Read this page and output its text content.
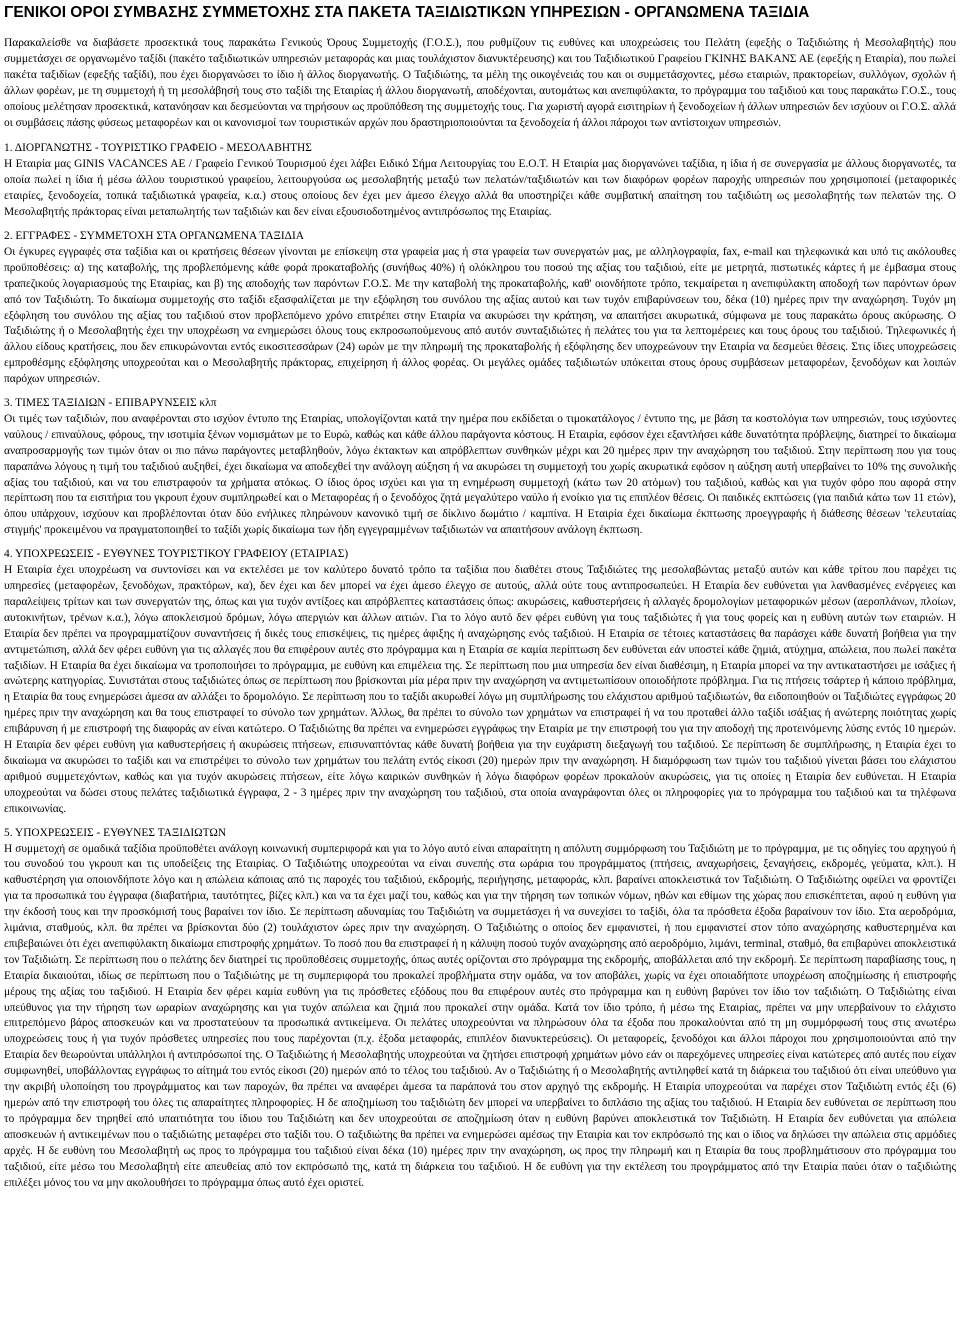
ΓΕΝΙΚΟΙ ΟΡΟΙ ΣΥΜΒΑΣΗΣ ΣΥΜΜΕΤΟΧΗΣ ΣΤΑ ΠΑΚΕΤΑ ΤΑΞΙΔΙΩΤΙΚΩΝ ΥΠΗΡΕΣΙΩΝ - ΟΡΓΑΝΩΜΕΝΑ ΤΑΞΙΔΙΑ

Παρακαλείσθε να διαβάσετε προσεκτικά τους παρακάτω Γενικούς Όρους Συμμετοχής (Γ.Ο.Σ.), που ρυθμίζουν τις ευθύνες και υποχρεώσεις του Πελάτη (εφεξής ο Ταξιδιώτης ή Μεσολαβητής) που συμμετάσχει σε οργανωμένο ταξίδι (πακέτο ταξιδιωτικών υπηρεσιών μεταφοράς και μιας τουλάχιστον διανυκτέρευσης) και του Ταξιδιωτικού Γραφείου ΓΚΙΝΗΣ ΒΑΚΑΝΣ ΑΕ (εφεξής η Εταιρία), που πωλεί πακέτα ταξιδίων (εφεξής ταξίδι), που έχει διοργανώσει το ίδιο ή άλλος διοργανωτής. Ο Ταξιδιώτης, τα μέλη της οικογένειάς του και οι συμμετάσχοντες, μέσω εταιριών, πρακτορείων, συλλόγων, σχολών ή άλλων φορέων, με τη συμμετοχή ή τη μεσολάβησή τους στο ταξίδι της Εταιρίας ή άλλου διοργανωτή, αποδέχονται, αυτομάτως και ανεπιφύλακτα, το πρόγραμμα του ταξιδιού και τους παρακάτω Γ.Ο.Σ., τους οποίους μελέτησαν προσεκτικά, κατανόησαν και δεσμεύονται να τηρήσουν ως προϋπόθεση της συμμετοχής τους. Για χωριστή αγορά εισιτηρίων ή ξενοδοχείων ή άλλων υπηρεσιών δεν ισχύουν οι Γ.Ο.Σ. αλλά οι συμβάσεις πάσης φύσεως μεταφορέων και οι κανονισμοί των τουριστικών αρχών που δραστηριοποιούνται τα ξενοδοχεία ή άλλοι πάροχοι των αντίστοιχων υπηρεσιών.

1. ΔΙΟΡΓΑΝΩΤΗΣ - ΤΟΥΡΙΣΤΙΚΟ ΓΡΑΦΕΙΟ - ΜΕΣΟΛΑΒΗΤΗΣ

Η Εταιρία μας GINIS VACANCES AE / Γραφείο Γενικού Τουρισμού έχει λάβει Ειδικό Σήμα Λειτουργίας του Ε.Ο.Τ. Η Εταιρία μας διοργανώνει ταξίδια, η ίδια ή σε συνεργασία με άλλους διοργανωτές, τα οποία πωλεί η ίδια ή μέσω άλλου τουριστικού γραφείου, λειτουργούσα ως μεσολαβητής μεταξύ των πελατών/ταξιδιωτών και των διαφόρων φορέων παροχής υπηρεσιών που χρησιμοποιεί (μεταφορικές εταιρίες, ξενοδοχεία, τοπικά ταξιδιωτικά γραφεία, κ.α.) στους οποίους δεν έχει μεν άμεσο έλεγχο αλλά θα υποστηρίζει κάθε συμβατική απαίτηση του ταξιδιώτη ως μεσολαβητής των πελατών της. Ο Μεσολαβητής πράκτορας είναι μεταπωλητής των ταξιδιών και δεν είναι εξουσιοδοτημένος αντιπρόσωπος της Εταιρίας.

2. ΕΓΓΡΑΦΕΣ - ΣΥΜΜΕΤΟΧΗ ΣΤΑ ΟΡΓΑΝΩΜΕΝΑ ΤΑΞΙΔΙΑ

Οι έγκυρες εγγραφές στα ταξίδια και οι κρατήσεις θέσεων γίνονται με επίσκεψη στα γραφεία μας ή στα γραφεία των συνεργατών μας, με αλληλογραφία, fax, e-mail και τηλεφωνικά και υπό τις ακόλουθες προϋποθέσεις: α) της καταβολής, της προβλεπόμενης κάθε φορά προκαταβολής (συνήθως 40%) ή ολόκληρου του ποσού της αξίας του ταξιδιού, είτε με μετρητά, πιστωτικές κάρτες ή με έμβασμα στους τραπεζικούς λογαριασμούς της Εταιρίας, και β) της αποδοχής των παρόντων Γ.Ο.Σ. Με την καταβολή της προκαταβολής, καθ' οιονδήποτε τρόπο, τεκμαίρεται η ανεπιφύλακτη αποδοχή των παρόντων όρων από τον Ταξιδιώτη. Το δικαίωμα συμμετοχής στο ταξίδι εξασφαλίζεται με την εξόφληση του συνόλου της αξίας αυτού και των τυχόν επιβαρύνσεων του, δέκα (10) ημέρες πριν την αναχώρηση. Τυχόν μη εξόφληση του συνόλου της αξίας του ταξιδιού στον προβλεπόμενο χρόνο επιτρέπει στην Εταιρία να ακυρώσει την κράτηση, να απαιτήσει ακυρωτικά, σύμφωνα με τους παρακάτω όρους ακύρωσης. Ο Ταξιδιώτης ή ο Μεσολαβητής έχει την υποχρέωση να ενημερώσει όλους τους εκπροσωπούμενους από αυτόν συνταξιδιώτες ή πελάτες του για τα λεπτομέρειες και τους όρους του ταξιδιού. Τηλεφωνικές ή άλλου είδους κρατήσεις, που δεν επικυρώνονται εντός εικοσιτεσσάρων (24) ωρών με την πληρωμή της προκαταβολής ή εξόφλησης δεν υποχρεώνουν την Εταιρία να δεσμεύει θέσεις. Στις ίδιες υποχρεώσεις εμπροθέσμης εξόφλησης υποχρεούται και ο Μεσολαβητής πράκτορας, επιχείρηση ή άλλος φορέας. Οι μεγάλες ομάδες ταξιδιωτών υπόκειται στους όρους συμβάσεων μεταφορέων, ξενοδόχων και λοιπών παρόχων υπηρεσιών.

3. ΤΙΜΕΣ ΤΑΞΙΔΙΩΝ - ΕΠΙΒΑΡΥΝΣΕΙΣ κλπ

Οι τιμές των ταξιδιών, που αναφέρονται στο ισχύον έντυπο της Εταιρίας, υπολογίζονται κατά την ημέρα που εκδίδεται ο τιμοκατάλογος / έντυπο της, με βάση τα κοστολόγια των υπηρεσιών, τους ισχύοντες ναύλους / επιναύλους, φόρους, την ισοτιμία ξένων νομισμάτων με το Ευρώ, καθώς και κάθε άλλου παράγοντα κόστους. Η Εταιρία, εφόσον έχει εξαντλήσει κάθε δυνατότητα πρόβλεψης, διατηρεί το δικαίωμα αναπροσαρμογής των τιμών όταν οι πιο πάνω παράγοντες μεταβληθούν, λόγω έκτακτων και απρόβλεπτων συνθηκών μέχρι και 20 ημέρες πριν την αναχώρηση του ταξιδιού. Στην περίπτωση που για τους παραπάνω λόγους η τιμή του ταξιδιού αυξηθεί, έχει δικαίωμα να αποδεχθεί την ανάλογη αύξηση ή να ακυρώσει τη συμμετοχή του χωρίς ακυρωτικά εφόσον η αύξηση αυτή υπερβαίνει το 10% της συνολικής αξίας του ταξιδιού, και να του επιστραφούν τα χρήματα ατόκως. Ο ίδιος όρος ισχύει και για τη ενημέρωση συμμετοχή (κάτω των 20 ατόμων) του ταξιδιού, καθώς και για τυχόν φόρο που αφορά στην περίπτωση που τα εισιτήρια του γκρουπ έχουν συμπληρωθεί και ο Μεταφορέας ή ο ξενοδόχος ζητά μεγαλύτερο ναύλο ή ενοίκιο για τις επιπλέον θέσεις. Οι παιδικές εκπτώσεις (για παιδιά κάτω των 11 ετών), όπου υπάρχουν, ισχύουν και προβλέπονται όταν δύο ενήλικες πληρώνουν κανονικό τιμή σε δίκλινο δωμάτιο / καμπίνα. Η Εταιρία έχει δικαίωμα έκπτωσης προεγγραφής ή διάθεσης θέσεων 'τελευταίας στιγμής' προκειμένου να πραγματοποιηθεί το ταξίδι χωρίς δικαίωμα των ήδη εγγεγραμμένων ταξιδιωτών να απαιτήσουν ανάλογη έκπτωση.

4. ΥΠΟΧΡΕΩΣΕΙΣ - ΕΥΘΥΝΕΣ ΤΟΥΡΙΣΤΙΚΟΥ ΓΡΑΦΕΙΟΥ (ΕΤΑΙΡΙΑΣ)

Η Εταιρία έχει υποχρέωση να συντονίσει και να εκτελέσει με τον καλύτερο δυνατό τρόπο τα ταξίδια που διαθέτει στους Ταξιδιώτες της μεσολαβώντας μεταξύ αυτών και κάθε τρίτου που παρέχει τις υπηρεσίες (μεταφορέων, ξενοδόχων, πρακτόρων, κα), δεν έχει και δεν μπορεί να έχει άμεσο έλεγχο σε αυτούς, αλλά ούτε τους αντιπροσωπεύει. Η Εταιρία δεν ευθύνεται για λανθασμένες ενέργειες και παραλείψεις τρίτων και των συνεργατών της, όπως και για τυχόν αντίξοες και απρόβλεπτες καταστάσεις όπως: ακυρώσεις, καθυστερήσεις ή αλλαγές δρομολογίων μεταφορικών μέσων (αεροπλάνων, πλοίων, αυτοκινήτων, τρένων κ.α.), λόγω αποκλεισμού δρόμων, λόγω απεργιών και άλλων αιτιών. Για το λόγο αυτό δεν φέρει ευθύνη για τους ταξιδιώτες ή για τους φορείς και η ευθύνη αυτών των εταιριών. Η Εταιρία δεν πρέπει να προγραμματίζουν συναντήσεις ή δικές τους επισκέψεις, τις ημέρες άφιξης ή αναχώρησης ενός ταξιδιού. Η Εταιρία σε τέτοιες καταστάσεις θα παράσχει κάθε δυνατή βοήθεια για την αντιμετώπιση, αλλά δεν φέρει ευθύνη για τις αλλαγές που θα επιφέρουν αυτές στο πρόγραμμα και η Εταιρία σε καμία περίπτωση δεν ευθύνεται εάν υποστεί κάθε ζημιά, ατύχημα, απώλεια, που πωλεί πακέτα ταξιδίων. Η Εταιρία θα έχει δικαίωμα να τροποποιήσει το πρόγραμμα, με ευθύνη και επιμέλεια της. Σε περίπτωση που μια υπηρεσία δεν είναι διαθέσιμη, η Εταιρία μπορεί να την αντικαταστήσει με ισάξιες ή ανώτερης κατηγορίας. Συνιστάται στους ταξιδιώτες όπως σε περίπτωση που βρίσκονται μία μέρα πριν την αναχώρηση να αντιμετωπίσουν οποιοδήποτε πρόβλημα. Για τις πτήσεις τσάρτερ ή κάποιο πρόβλημα, η Εταιρία θα τους ενημερώσει άμεσα αν αλλάξει το δρομολόγιο. Σε περίπτωση που το ταξίδι ακυρωθεί λόγω μη συμπλήρωσης του ελάχιστου αριθμού ταξιδιωτών, θα ειδοποιηθούν οι Ταξιδιώτες εγγράφως 20 ημέρες πριν την αναχώρηση και θα τους επιστραφεί το σύνολο των χρημάτων. Άλλως, θα πρέπει το σύνολο των χρημάτων να επιστραφεί ή να του προταθεί άλλο ταξίδι ισάξιας ή ανώτερης ποιότητας χωρίς επιβάρυνση ή με επιστροφή της διαφοράς αν είναι κατώτερο. Ο Ταξιδιώτης θα πρέπει να ενημερώσει εγγράφως την Εταιρία με την επιστροφή του για την αποδοχή της προτεινόμενης λύσης εντός 10 ημερών. Η Εταιρία δεν φέρει ευθύνη για καθυστερήσεις ή ακυρώσεις πτήσεων, επισυναπτόντας κάθε δυνατή βοήθεια για την ευχάριστη διεξαγωγή του ταξιδιού. Σε περίπτωση δε συμπλήρωσης, η Εταιρία έχει το δικαίωμα να ακυρώσει το ταξίδι και να επιστρέψει το σύνολο των χρημάτων του πελάτη εντός είκοσι (20) ημερών πριν την αναχώρηση. Η διαμόρφωση των τιμών του ταξιδιού γίνεται βάσει του ελάχιστου αριθμού συμμετεχόντων, καθώς και για τυχόν ακυρώσεις πτήσεων, είτε λόγω καιρικών συνθηκών ή λόγω διαφόρων φορέων προκαλούν ακυρώσεις, για τις οποίες η Εταιρία δεν ευθύνεται. Η Εταιρία υποχρεούται να δώσει στους πελάτες ταξιδιωτικά έγγραφα, 2 - 3 ημέρες πριν την αναχώρηση του ταξιδιού, στα οποία αναγράφονται όλες οι πληροφορίες για το πρόγραμμα του ταξιδιού και τα τηλέφωνα επικοινωνίας.

5. ΥΠΟΧΡΕΩΣΕΙΣ - ΕΥΘΥΝΕΣ ΤΑΞΙΔΙΩΤΩΝ

Η συμμετοχή σε ομαδικά ταξίδια προϋποθέτει ανάλογη κοινωνική συμπεριφορά και για το λόγο αυτό είναι απαραίτητη η απόλυτη συμμόρφωση του Ταξιδιώτη με το πρόγραμμα, με τις οδηγίες του αρχηγού ή του συνοδού του γκρουπ και τις υποδείξεις της Εταιρίας. Ο Ταξιδιώτης υποχρεούται να είναι συνεπής στα ωράρια του προγράμματος (πτήσεις, αναχωρήσεις, ξεναγήσεις, εκδρομές, γεύματα, κλπ.). Η καθυστέρηση για οποιονδήποτε λόγο και η απώλεια κάποιας από τις παροχές του ταξιδιού, εκδρομής, περιήγησης, μεταφοράς, κλπ. βαραίνει αποκλειστικά τον Ταξιδιώτη. Ο Ταξιδιώτης οφείλει να φροντίζει για τα προσωπικά του έγγραφα (διαβατήρια, ταυτότητες, βίζες κλπ.) και να τα έχει μαζί του, καθώς και για την τήρηση των τοπικών νόμων, ηθών και εθίμων της χώρας που επισκέπτεται, αφού η ευθύνη για την έκδοσή τους και την προσκόμισή τους βαραίνει τον ίδιο. Σε περίπτωση αδυναμίας του Ταξιδιώτη να συμμετάσχει ή να συνεχίσει το ταξίδι, όλα τα πρόσθετα έξοδα βαραίνουν τον ίδιο. Στα αεροδρόμια, λιμάνια, σταθμούς, κλπ. θα πρέπει να βρίσκονται δύο (2) τουλάχιστον ώρες πριν την αναχώρηση. Ο Ταξιδιώτης ο οποίος δεν εμφανιστεί, ή που εμφανιστεί στον τόπο αναχώρησης καθυστερημένα και επιβεβαιώνει ότι έχει ανεπιφύλακτη δικαίωμα επιστροφής χρημάτων. Το ποσό που θα επιστραφεί ή η κάλυψη ποσού τυχόν αναχώρησης από αεροδρόμιο, λιμάνι, terminal, σταθμό, θα επιβαρύνει αποκλειστικά τον Ταξιδιώτη. Σε περίπτωση που ο πελάτης δεν διατηρεί τις προϋποθέσεις συμμετοχής, όπως αυτές ορίζονται στο πρόγραμμα της εκδρομής, αποβάλλεται από την εκδρομή. Σε περίπτωση παραβίασης τους, η Εταιρία δικαιούται, ιδίως σε περίπτωση που ο Ταξιδιώτης με τη συμπεριφορά του προκαλεί προβλήματα στην ομάδα, να τον αποβάλει, χωρίς να έχει οποιαδήποτε υποχρέωση αποζημίωσης ή επιστροφής μέρους της αξίας του ταξιδιού. Η Εταιρία δεν φέρει καμία ευθύνη για τις πρόσθετες εξόδους που θα επιφέρουν αυτές στο πρόγραμμα και η ευθύνη βαρύνει τον ίδιο τον ταξιδιώτη. Ο Ταξιδιώτης είναι υπεύθυνος για την τήρηση των ωραρίων αναχώρησης και για τυχόν απώλεια και ζημιά που προκαλεί στην ομάδα. Κατά τον ίδιο τρόπο, ή μέσω της Εταιρίας, πρέπει να μην υπερβαίνουν το ελάχιστο επιτρεπόμενο βάρος αποσκευών και να προστατεύουν τα προσωπικά αντικείμενα. Οι πελάτες υποχρεούνται να πληρώσουν όλα τα έξοδα που προκαλούνται από τη μη συμμόρφωσή τους στις ανωτέρω υποχρεώσεις τους ή για τυχόν πρόσθετες υπηρεσίες που τους παρέχονται (π.χ. έξοδα μεταφοράς, επιπλέον διανυκτερεύσεις). Οι μεταφορείς, ξενοδόχοι και άλλοι πάροχοι που χρησιμοποιούνται από την Εταιρία δεν θεωρούνται υπάλληλοι ή αντιπρόσωποί της. Ο Ταξιδιώτης ή Μεσολαβητής υποχρεούται να ζητήσει επιστροφή χρημάτων μόνο εάν οι παρεχόμενες υπηρεσίες είναι κατώτερες από αυτές που είχαν συμφωνηθεί, υποβάλλοντας εγγράφως το αίτημά του εντός είκοσι (20) ημερών από το τέλος του ταξιδιού. Αν ο Ταξιδιώτης ή ο Μεσολαβητής αντιληφθεί κατά τη διάρκεια του ταξιδιού ότι είναι υπεύθυνο για την ακριβή υλοποίηση του προγράμματος και των παροχών, θα πρέπει να αναφέρει άμεσα τα παράπονά του στον αρχηγό της εκδρομής. Η Εταιρία υποχρεούται να παρέχει στον Ταξιδιώτη εντός έξι (6) ημερών από την επιστροφή του όλες τις απαραίτητες πληροφορίες. Η δε αποζημίωση του ταξιδιώτη δεν μπορεί να υπερβαίνει το διπλάσιο της αξίας του ταξιδιού. Η Εταιρία δεν ευθύνεται σε περίπτωση που το πρόγραμμα δεν τηρηθεί από υπαιτιότητα του ίδιου του Ταξιδιώτη και δεν υποχρεούται σε αποζημίωση όταν η ευθύνη βαρύνει αποκλειστικά τον Ταξιδιώτη. Η Εταιρία δεν ευθύνεται για απώλεια αποσκευών ή αντικειμένων που ο ταξιδιώτης μεταφέρει στο ταξίδι του. Ο ταξιδιώτης θα πρέπει να ενημερώσει αμέσως την Εταιρία και τον εκπρόσωπό της και ο ίδιος να δηλώσει την απώλεια στις αρμόδιες αρχές. Η δε ευθύνη του Μεσολαβητή ως προς το πρόγραμμα του ταξιδιού είναι δέκα (10) ημέρες πριν την αναχώρηση, ως προς την πληρωμή και η Εταιρία θα τους προβλημάτισουν στο πρόγραμμα του ταξιδιού, είτε μέσω του Μεσολαβητή είτε απευθείας από τον εκπρόσωπό της, κατά τη διάρκεια του ταξιδιού. Η δε ευθύνη για την εκτέλεση του προγράμματος από την Εταιρία παύει όταν ο ταξιδιώτης επιλέξει μόνος του να μην ακολουθήσει το πρόγραμμα όπως αυτό έχει οριστεί.
